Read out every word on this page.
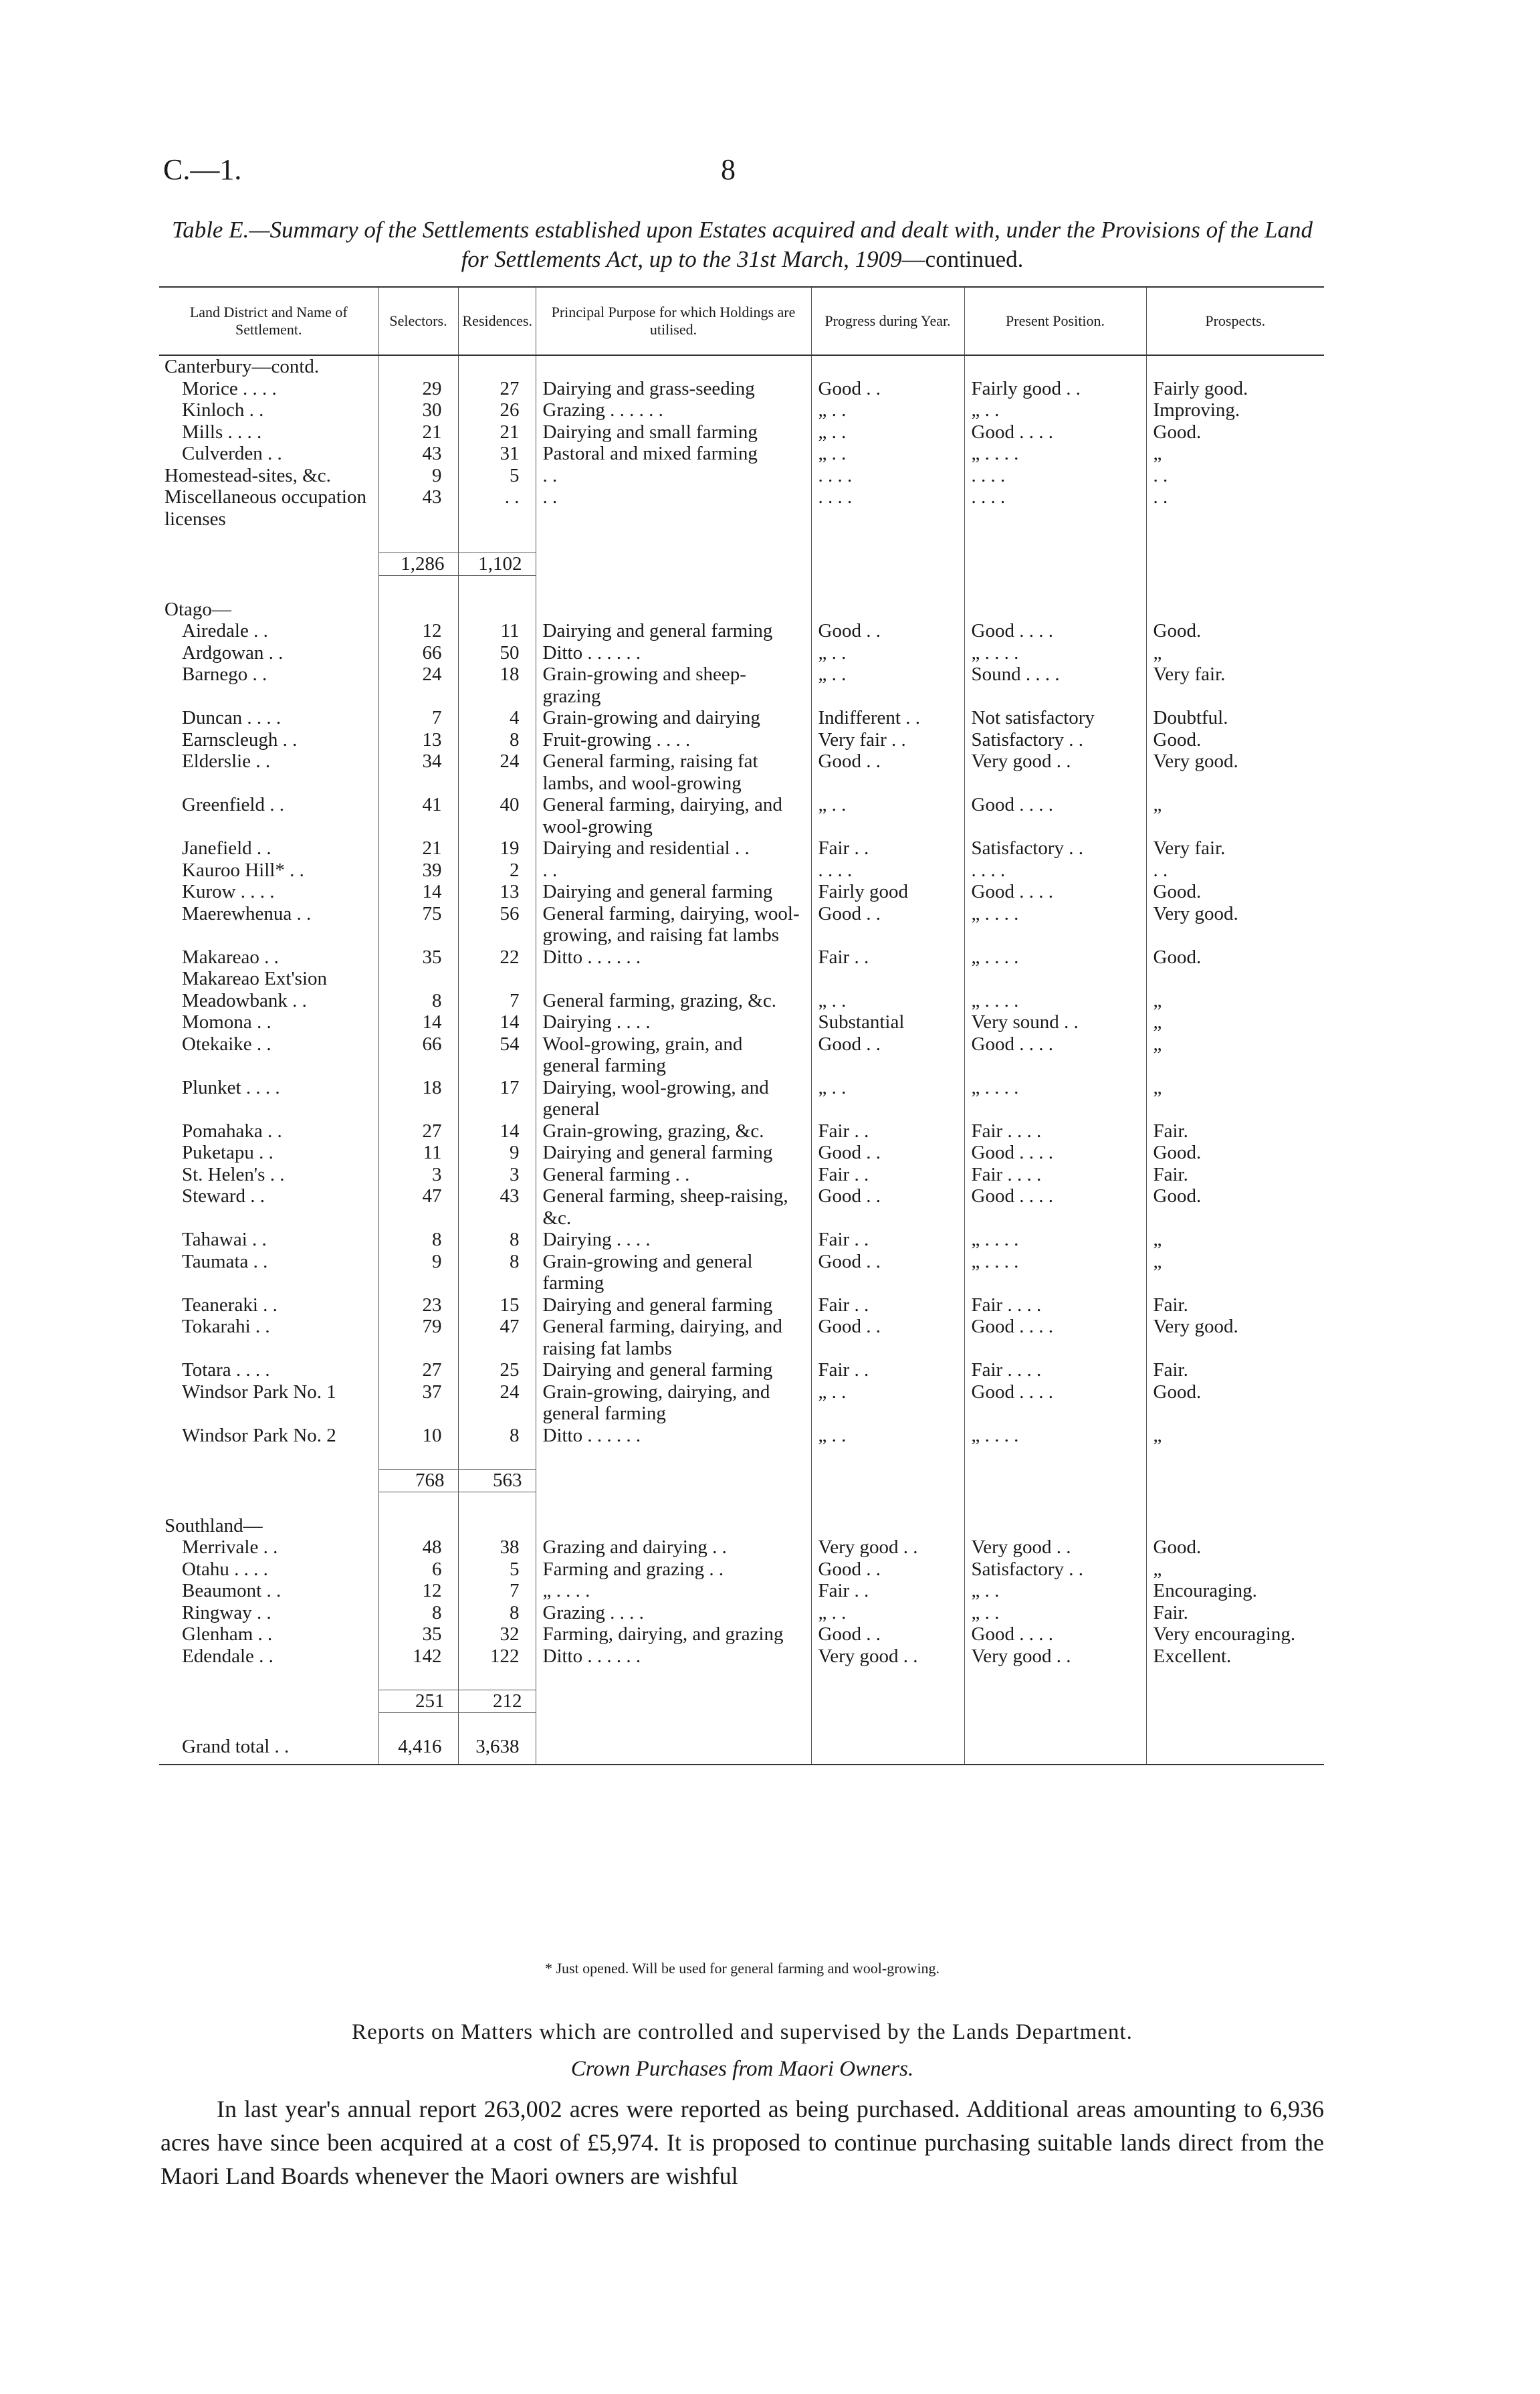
C.—1.	8
Table E.—Summary of the Settlements established upon Estates acquired and dealt with, under the Provisions of the Land for Settlements Act, up to the 31st March, 1909—continued.
Land District and Name of Settlement.	Selectors.	Residences.	Principal Purpose for which Holdings are utilised.	Progress during Year.	Present Position.	Prospects.
Canterbury—contd.						
Morice . . . .	29	27	Dairying and grass-seeding	Good . .	Fairly good . .	Fairly good.
Kinloch . .	30	26	Grazing . . . . . .	„ . .	„ . .	Improving.
Mills . . . .	21	21	Dairying and small farming	„ . .	Good . . . .	Good.
Culverden . .	43	31	Pastoral and mixed farming	„ . .	„ . . . .	„
Homestead-sites, &c.	9	5	. .	. . . .	. . . .	. .
Miscellaneous occupation licenses	43	. .	. .	. . . .	. . . .	. .

	1,286	1,102				

Otago—						
Airedale . .	12	11	Dairying and general farming	Good . .	Good . . . .	Good.
Ardgowan . .	66	50	Ditto . . . . . .	„ . .	„ . . . .	„
Barnego . .	24	18	Grain-growing and sheep-grazing	„ . .	Sound . . . .	Very fair.
Duncan . . . .	7	4	Grain-growing and dairying	Indifferent . .	Not satisfactory	Doubtful.
Earnscleugh . .	13	8	Fruit-growing . . . .	Very fair . .	Satisfactory . .	Good.
Elderslie . .	34	24	General farming, raising fat lambs, and wool-growing	Good . .	Very good . .	Very good.
Greenfield . .	41	40	General farming, dairying, and wool-growing	„ . .	Good . . . .	„
Janefield . .	21	19	Dairying and residential . .	Fair . .	Satisfactory . .	Very fair.
Kauroo Hill* . .	39	2	. .	. . . .	. . . .	. .
Kurow . . . .	14	13	Dairying and general farming	Fairly good	Good . . . .	Good.
Maerewhenua . .	75	56	General farming, dairying, wool-growing, and raising fat lambs	Good . .	„ . . . .	Very good.
Makareao . .	35	22	Ditto . . . . . .	Fair . .	„ . . . .	Good.
Makareao Ext'sion						
Meadowbank . .	8	7	General farming, grazing, &c.	„ . .	„ . . . .	„
Momona . .	14	14	Dairying . . . .	Substantial	Very sound . .	„
Otekaike . .	66	54	Wool-growing, grain, and general farming	Good . .	Good . . . .	„
Plunket . . . .	18	17	Dairying, wool-growing, and general	„ . .	„ . . . .	„
Pomahaka . .	27	14	Grain-growing, grazing, &c.	Fair . .	Fair . . . .	Fair.
Puketapu . .	11	9	Dairying and general farming	Good . .	Good . . . .	Good.
St. Helen's . .	3	3	General farming . .	Fair . .	Fair . . . .	Fair.
Steward . .	47	43	General farming, sheep-raising, &c.	Good . .	Good . . . .	Good.
Tahawai . .	8	8	Dairying . . . .	Fair . .	„ . . . .	„
Taumata . .	9	8	Grain-growing and general farming	Good . .	„ . . . .	„
Teaneraki . .	23	15	Dairying and general farming	Fair . .	Fair . . . .	Fair.
Tokarahi . .	79	47	General farming, dairying, and raising fat lambs	Good . .	Good . . . .	Very good.
Totara . . . .	27	25	Dairying and general farming	Fair . .	Fair . . . .	Fair.
Windsor Park No. 1	37	24	Grain-growing, dairying, and general farming	„ . .	Good . . . .	Good.
Windsor Park No. 2	10	8	Ditto . . . . . .	„ . .	„ . . . .	„

	768	563				

Southland—						
Merrivale . .	48	38	Grazing and dairying . .	Very good . .	Very good . .	Good.
Otahu . . . .	6	5	Farming and grazing . .	Good . .	Satisfactory . .	„
Beaumont . .	12	7	„ . . . .	Fair . .	„ . .	Encouraging.
Ringway . .	8	8	Grazing . . . .	„ . .	„ . .	Fair.
Glenham . .	35	32	Farming, dairying, and grazing	Good . .	Good . . . .	Very encouraging.
Edendale . .	142	122	Ditto . . . . . .	Very good . .	Very good . .	Excellent.

	251	212				

Grand total . .	4,416	3,638				

* Just opened. Will be used for general farming and wool-growing.
Reports on Matters which are controlled and supervised by the Lands Department.
Crown Purchases from Maori Owners.
In last year's annual report 263,002 acres were reported as being purchased. Additional areas amounting to 6,936 acres have since been acquired at a cost of £5,974. It is proposed to continue purchasing suitable lands direct from the Maori Land Boards whenever the Maori owners are wishful
